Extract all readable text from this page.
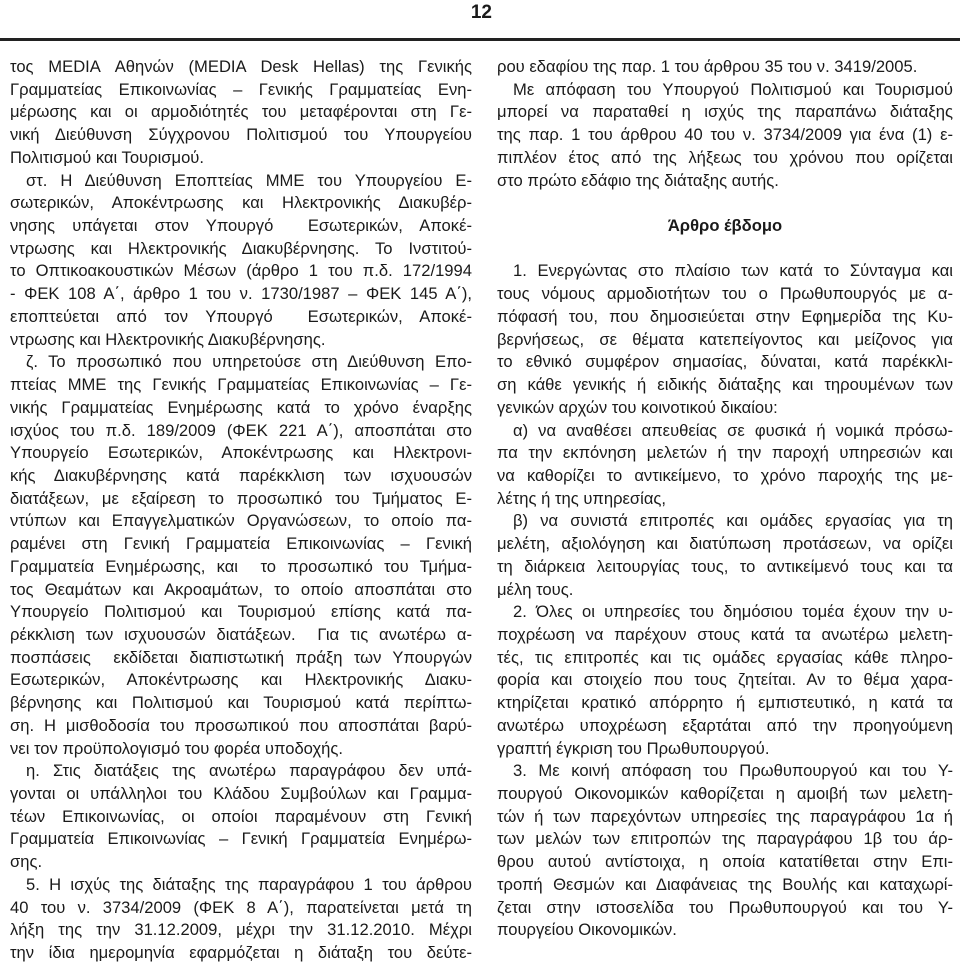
12
τος MEDIA Αθηνών (MEDIA Desk Hellas) της Γενικής
Γραμματείας Επικοινωνίας – Γενικής Γραμματείας Ενη-
μέρωσης και οι αρμοδιότητές του μεταφέρονται στη Γε-
νική Διεύθυνση Σύγχρονου Πολιτισμού του Υπουργείου
Πολιτισμού και Τουρισμού.
στ. Η Διεύθυνση Εποπτείας ΜΜΕ του Υπουργείου Ε-
σωτερικών, Αποκέντρωσης και Ηλεκτρονικής Διακυβέρ-
νησης υπάγεται στον Υπουργό  Εσωτερικών, Αποκέ-
ντρωσης και Ηλεκτρονικής Διακυβέρνησης. Το Ινστιτού-
το Οπτικοακουστικών Μέσων (άρθρο 1 του π.δ. 172/1994
- ΦΕΚ 108 Α΄, άρθρο 1 του ν. 1730/1987 – ΦΕΚ 145 Α΄),
εποπτεύεται από τον Υπουργό  Εσωτερικών, Αποκέ-
ντρωσης και Ηλεκτρονικής Διακυβέρνησης.
ζ. Το προσωπικό που υπηρετούσε στη Διεύθυνση Επο-
πτείας ΜΜΕ της Γενικής Γραμματείας Επικοινωνίας – Γε-
νικής Γραμματείας Ενημέρωσης κατά το χρόνο έναρξης
ισχύος του π.δ. 189/2009 (ΦΕΚ 221 Α΄), αποσπάται στο
Υπουργείο Εσωτερικών, Αποκέντρωσης και Ηλεκτρονι-
κής Διακυβέρνησης κατά παρέκκλιση των ισχυουσών
διατάξεων, με εξαίρεση το προσωπικό του Τμήματος Ε-
ντύπων και Επαγγελματικών Οργανώσεων, το οποίο πα-
ραμένει στη Γενική Γραμματεία Επικοινωνίας – Γενική
Γραμματεία Ενημέρωσης, και  το προσωπικό του Τμήμα-
τος Θεαμάτων και Ακροαμάτων, το οποίο αποσπάται στο
Υπουργείο Πολιτισμού και Τουρισμού επίσης κατά πα-
ρέκκλιση των ισχυουσών διατάξεων.  Για τις ανωτέρω α-
ποσπάσεις  εκδίδεται διαπιστωτική πράξη των Υπουργών
Εσωτερικών, Αποκέντρωσης και Ηλεκτρονικής Διακυ-
βέρνησης και Πολιτισμού και Τουρισμού κατά περίπτω-
ση. Η μισθοδοσία του προσωπικού που αποσπάται βαρύ-
νει τον προϋπολογισμό του φορέα υποδοχής.
η. Στις διατάξεις της ανωτέρω παραγράφου δεν υπά-
γονται οι υπάλληλοι του Κλάδου Συμβούλων και Γραμμα-
τέων Επικοινωνίας, οι οποίοι παραμένουν στη Γενική
Γραμματεία Επικοινωνίας – Γενική Γραμματεία Ενημέρω-
σης.
5. Η ισχύς της διάταξης της παραγράφου 1 του άρθρου
40 του ν. 3734/2009 (ΦΕΚ 8 Α΄), παρατείνεται μετά τη
λήξη της την 31.12.2009, μέχρι την 31.12.2010. Μέχρι
την ίδια ημερομηνία εφαρμόζεται η διάταξη του δεύτε-
ρου εδαφίου της παρ. 1 του άρθρου 35 του ν. 3419/2005.
Με απόφαση του Υπουργού Πολιτισμού και Τουρισμού
μπορεί να παραταθεί η ισχύς της παραπάνω διάταξης
της παρ. 1 του άρθρου 40 του ν. 3734/2009 για ένα (1) ε-
πιπλέον έτος από της λήξεως του χρόνου που ορίζεται
στο πρώτο εδάφιο της διάταξης αυτής.
Άρθρο έβδομο
1. Ενεργώντας στο πλαίσιο των κατά το Σύνταγμα και
τους νόμους αρμοδιοτήτων του ο Πρωθυπουργός με α-
πόφασή του, που δημοσιεύεται στην Εφημερίδα της Κυ-
βερνήσεως, σε θέματα κατεπείγοντος και μείζονος για
το εθνικό συμφέρον σημασίας, δύναται, κατά παρέκκλι-
ση κάθε γενικής ή ειδικής διάταξης και τηρουμένων των
γενικών αρχών του κοινοτικού δικαίου:
α) να αναθέσει απευθείας σε φυσικά ή νομικά πρόσω-
πα την εκπόνηση μελετών ή την παροχή υπηρεσιών και
να καθορίζει το αντικείμενο, το χρόνο παροχής της με-
λέτης ή της υπηρεσίας,
β) να συνιστά επιτροπές και ομάδες εργασίας για τη
μελέτη, αξιολόγηση και διατύπωση προτάσεων, να ορίζει
τη διάρκεια λειτουργίας τους, το αντικείμενό τους και τα
μέλη τους.
2. Όλες οι υπηρεσίες του δημόσιου τομέα έχουν την υ-
ποχρέωση να παρέχουν στους κατά τα ανωτέρω μελετη-
τές, τις επιτροπές και τις ομάδες εργασίας κάθε πληρο-
φορία και στοιχείο που τους ζητείται. Αν το θέμα χαρα-
κτηρίζεται κρατικό απόρρητο ή εμπιστευτικό, η κατά τα
ανωτέρω υποχρέωση εξαρτάται από την προηγούμενη
γραπτή έγκριση του Πρωθυπουργού.
3. Με κοινή απόφαση του Πρωθυπουργού και του Υ-
πουργού Οικονομικών καθορίζεται η αμοιβή των μελετη-
τών ή των παρεχόντων υπηρεσίες της παραγράφου 1α ή
των μελών των επιτροπών της παραγράφου 1β του άρ-
θρου αυτού αντίστοιχα, η οποία κατατίθεται στην Επι-
τροπή Θεσμών και Διαφάνειας της Βουλής και καταχωρί-
ζεται στην ιστοσελίδα του Πρωθυπουργού και του Υ-
πουργείου Οικονομικών.
